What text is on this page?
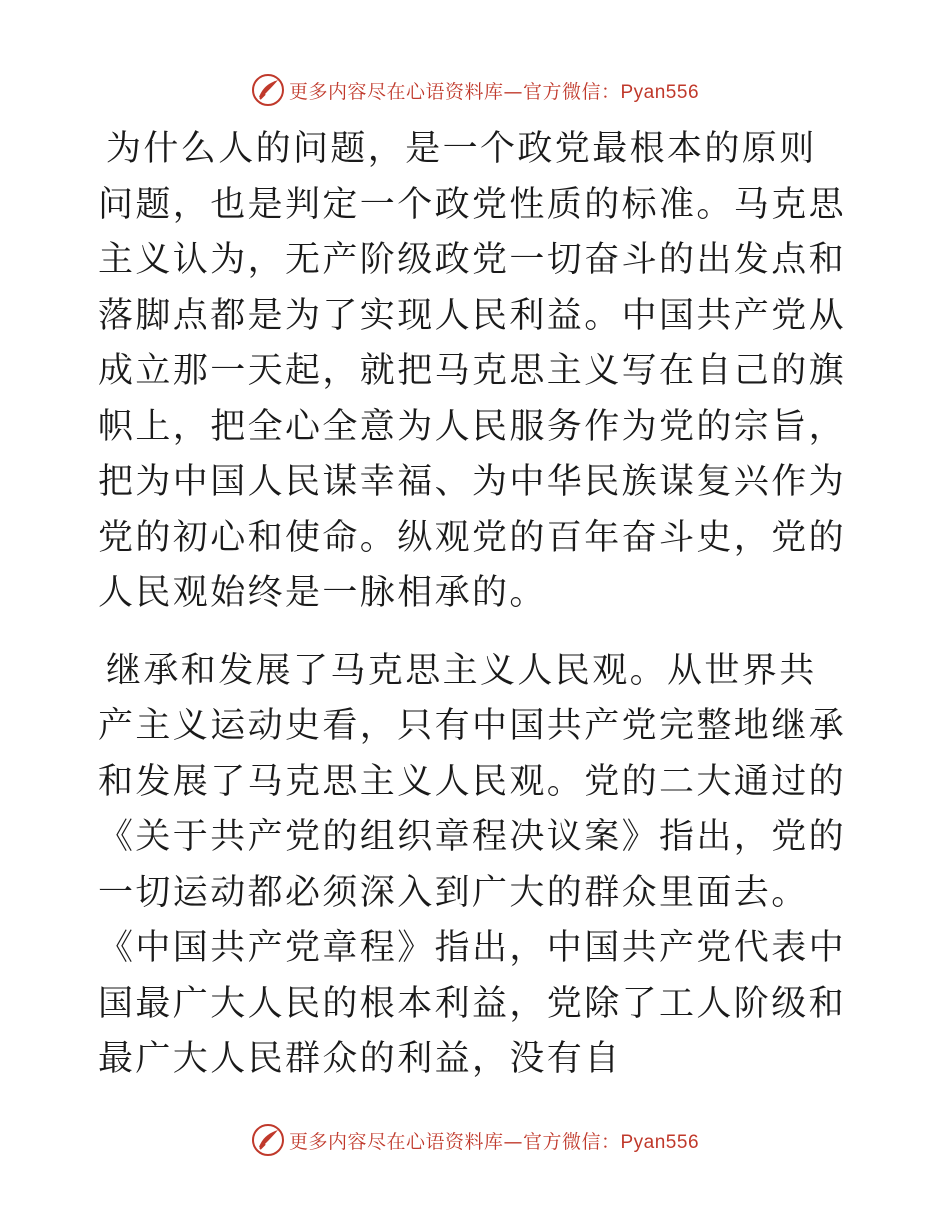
更多内容尽在心语资料库—官方微信：Pyan556

为什么人的问题，是一个政党最根本的原则问题，也是判定一个政党性质的标准。马克思主义认为，无产阶级政党一切奋斗的出发点和落脚点都是为了实现人民利益。中国共产党从成立那一天起，就把马克思主义写在自己的旗帜上，把全心全意为人民服务作为党的宗旨，把为中国人民谋幸福、为中华民族谋复兴作为党的初心和使命。纵观党的百年奋斗史，党的人民观始终是一脉相承的。

继承和发展了马克思主义人民观。从世界共产主义运动史看，只有中国共产党完整地继承和发展了马克思主义人民观。党的二大通过的《关于共产党的组织章程决议案》指出，党的一切运动都必须深入到广大的群众里面去。《中国共产党章程》指出，中国共产党代表中国最广大人民的根本利益，党除了工人阶级和最广大人民群众的利益，没有自

更多内容尽在心语资料库—官方微信：Pyan556
